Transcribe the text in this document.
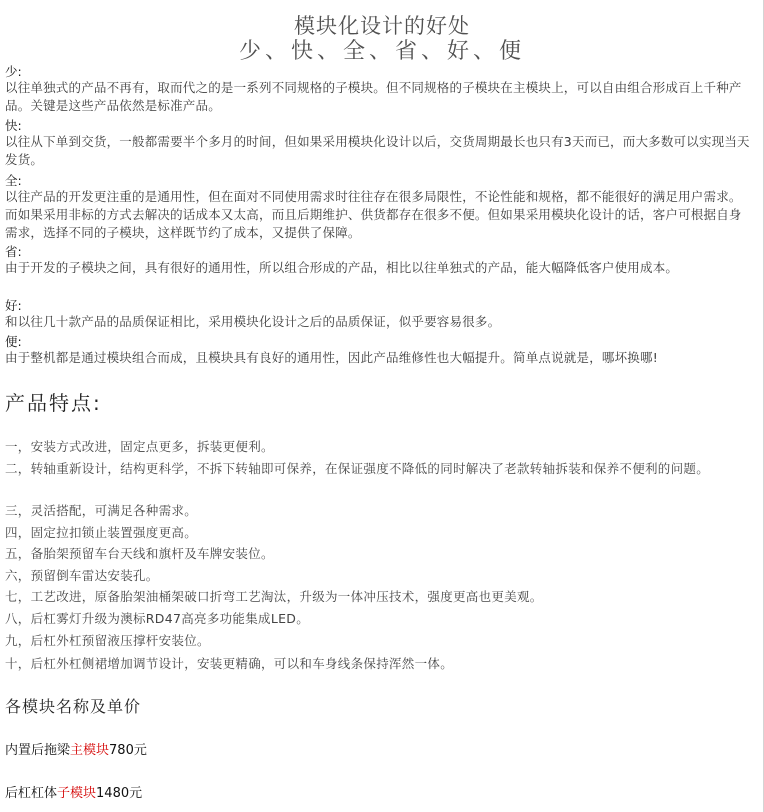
模块化设计的好处
少、快、全、省、好、便
少:
以往单独式的产品不再有，取而代之的是一系列不同规格的子模块。但不同规格的子模块在主模块上，可以自由组合形成百上千种产品。关键是这些产品依然是标准产品。
快:
以往从下单到交货，一般都需要半个多月的时间，但如果采用模块化设计以后，交货周期最长也只有3天而已，而大多数可以实现当天发货。
全:
以往产品的开发更注重的是通用性，但在面对不同使用需求时往往存在很多局限性，不论性能和规格，都不能很好的满足用户需求。而如果采用非标的方式去解决的话成本又太高，而且后期维护、供货都存在很多不便。但如果采用模块化设计的话，客户可根据自身需求，选择不同的子模块，这样既节约了成本，又提供了保障。
省:
由于开发的子模块之间，具有很好的通用性，所以组合形成的产品，相比以往单独式的产品，能大幅降低客户使用成本。
好:
和以往几十款产品的品质保证相比，采用模块化设计之后的品质保证，似乎要容易很多。
便:
由于整机都是通过模块组合而成，且模块具有良好的通用性，因此产品维修性也大幅提升。简单点说就是，哪坏换哪!
产品特点:
一，安装方式改进，固定点更多，拆装更便利。
二，转轴重新设计，结构更科学，不拆下转轴即可保养，在保证强度不降低的同时解决了老款转轴拆装和保养不便利的问题。
三，灵活搭配，可满足各种需求。
四，固定拉扣锁止装置强度更高。
五，备胎架预留车台天线和旗杆及车牌安装位。
六，预留倒车雷达安装孔。
七，工艺改进，原备胎架油桶架破口折弯工艺淘汰，升级为一体冲压技术，强度更高也更美观。
八，后杠雾灯升级为澳标RD47高亮多功能集成LED。
九，后杠外杠预留液压撑杆安装位。
十，后杠外杠侧裙增加调节设计，安装更精确，可以和车身线条保持浑然一体。
各模块名称及单价
内置后拖梁主模块780元
后杠杠体子模块1480元
